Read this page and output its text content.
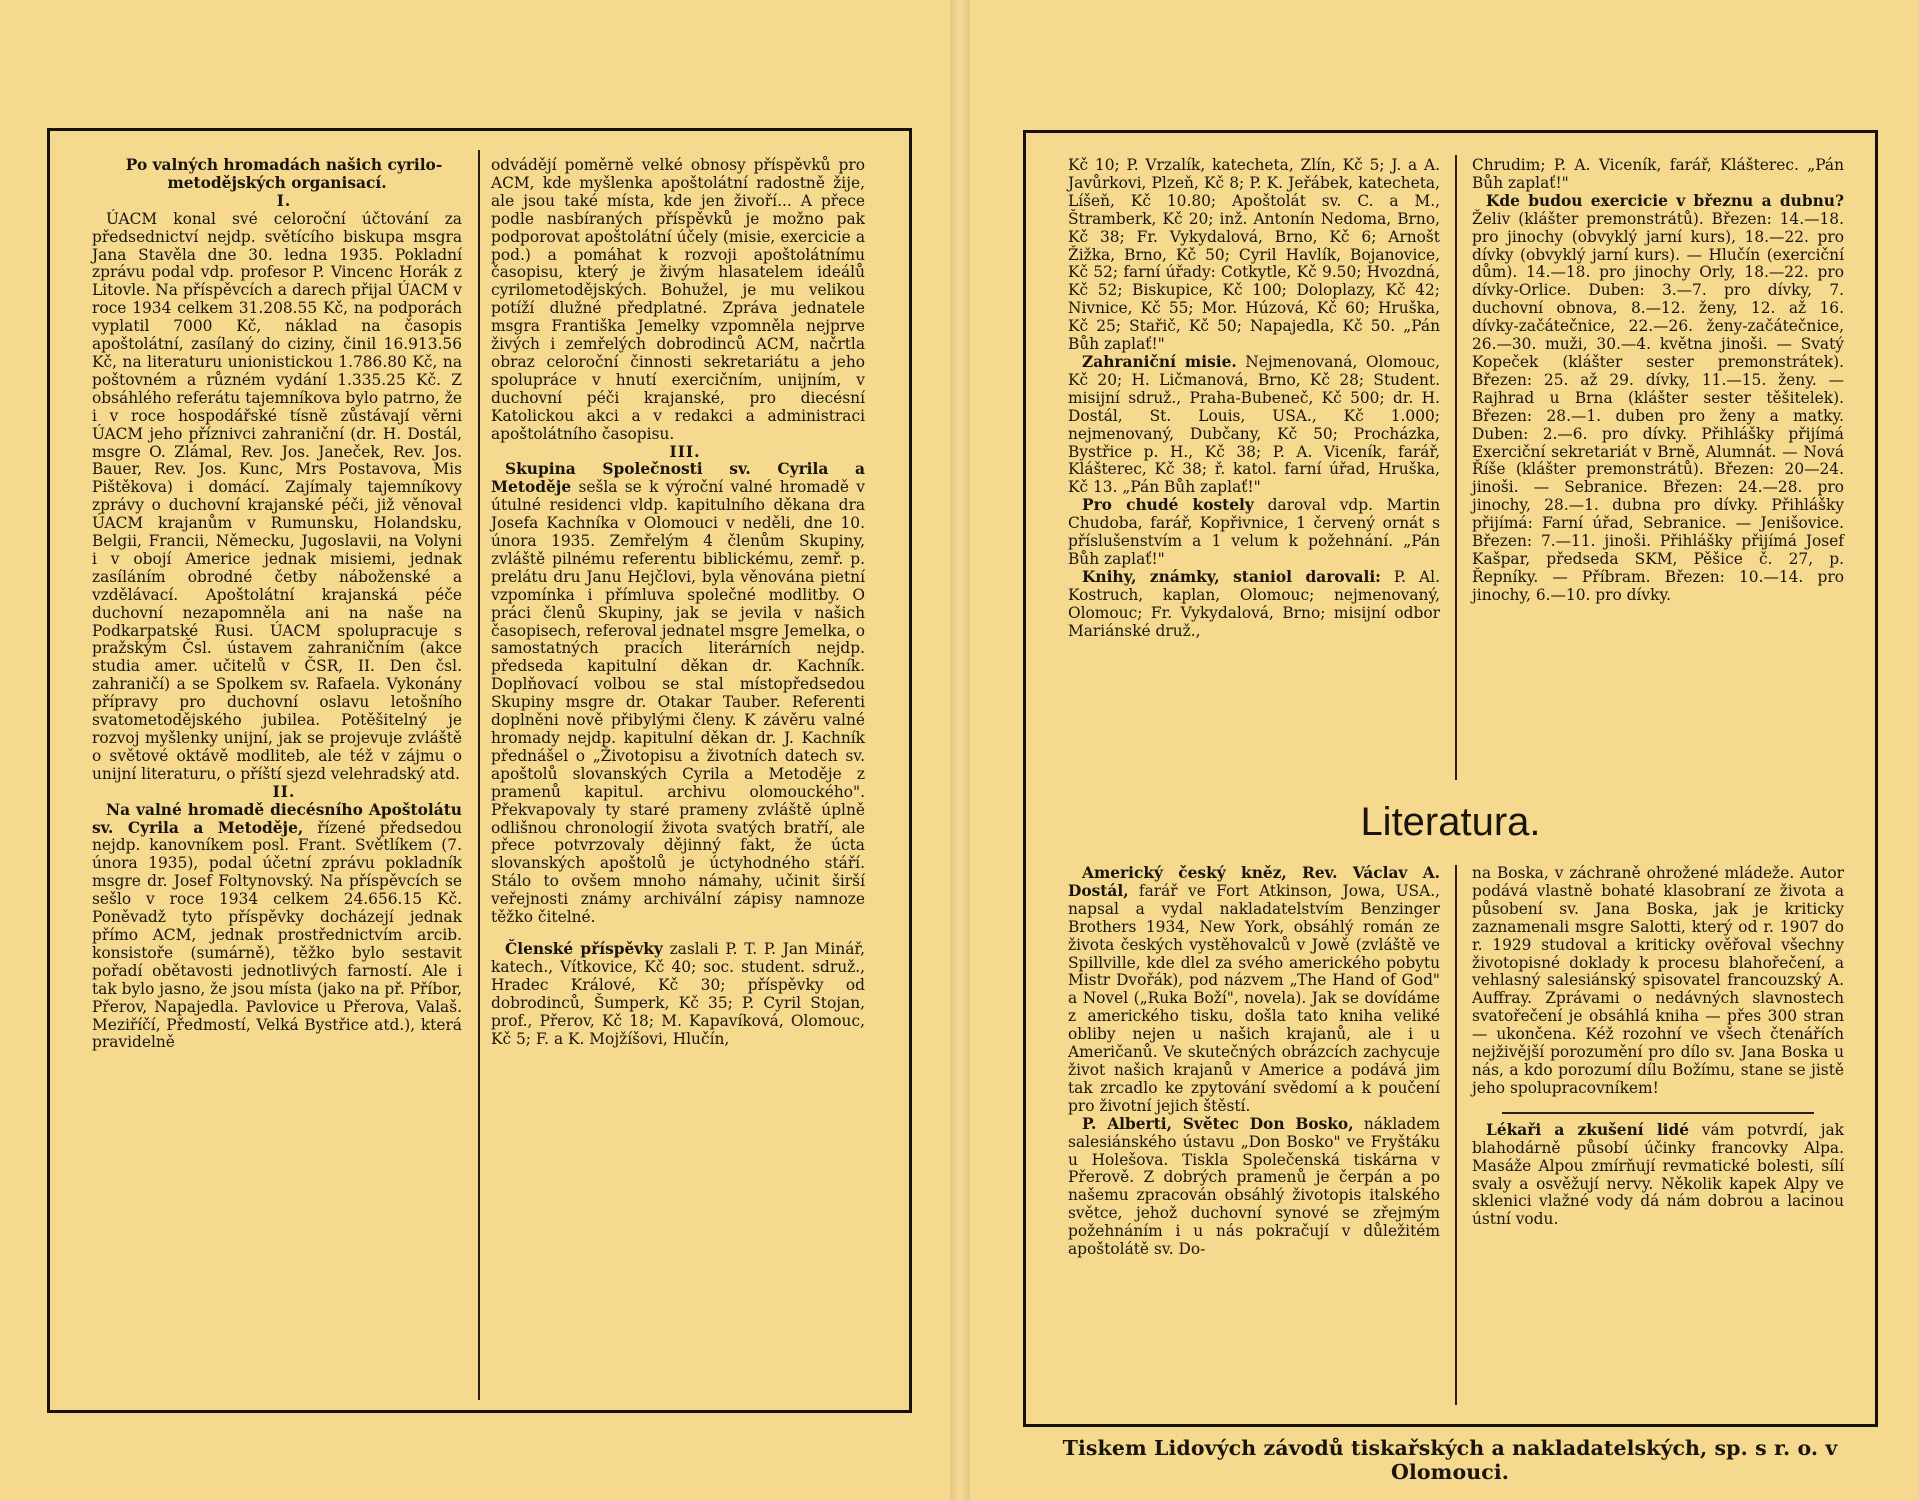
Po valných hromadách našich cyrilo-metodějských organisací.

I.

ÚACM konal své celoroční účtování za předsednictví nejdp. světícího biskupa msgra Jana Stavěla dne 30. ledna 1935. Pokladní zprávu podal vdp. profesor P. Vincenc Horák z Litovle. Na příspěvcích a darech přijal ÚACM v roce 1934 celkem 31.208.55 Kč, na podporách vyplatil 7000 Kč, náklad na časopis apoštolátní, zasílaný do ciziny, činil 16.913.56 Kč, na literaturu unionistickou 1.786.80 Kč, na poštovném a různém vydání 1.335.25 Kč. Z obsáhlého referátu tajemníkova bylo patrno, že i v roce hospodářské tísně zůstávají věrni ÚACM jeho příznivci zahraniční (dr. H. Dostál, msgre O. Zlámal, Rev. Jos. Janeček, Rev. Jos. Bauer, Rev. Jos. Kunc, Mrs Postavova, Mis Pištěkova) i domácí. Zajímaly tajemníkovy zprávy o duchovní krajanské péči, již věnoval ÚACM krajanům v Rumunsku, Holandsku, Belgii, Francii, Německu, Jugoslavii, na Volyni i v obojí Americe jednak misiemi, jednak zasíláním obrodné četby náboženské a vzdělávací. Apoštolátní krajanská péče duchovní nezapomněla ani na naše na Podkarpatské Rusi. ÚACM spolupracuje s pražským Čsl. ústavem zahraničním (akce studia amer. učitelů v ČSR, II. Den čsl. zahraničí) a se Spolkem sv. Rafaela. Vykonány přípravy pro duchovní oslavu letošního svatometodějského jubilea. Potěšitelný je rozvoj myšlenky unijní, jak se projevuje zvláště o světové oktávě modliteb, ale též v zájmu o unijní literaturu, o příští sjezd velehradský atd.

II.

Na valné hromadě diecésního Apoštolátu sv. Cyrila a Metoděje, řízené předsedou nejdp. kanovníkem posl. Frant. Světlíkem (7. února 1935), podal účetní zprávu pokladník msgre dr. Josef Foltynovský. Na příspěvcích se sešlo v roce 1934 celkem 24.656.15 Kč. Poněvadž tyto příspěvky docházejí jednak přímo ACM, jednak prostřednictvím arcib. konsistoře (sumárně), těžko bylo sestavit pořadí obětavosti jednotlivých farností. Ale i tak bylo jasno, že jsou místa (jako na př. Příbor, Přerov, Napajedla. Pavlovice u Přerova, Valaš. Meziříčí, Předmostí, Velká Bystřice atd.), která pravidelně

odvádějí poměrně velké obnosy příspěvků pro ACM, kde myšlenka apoštolátní radostně žije, ale jsou také místa, kde jen živoří... A přece podle nasbíraných příspěvků je možno pak podporovat apoštolátní účely (misie, exercicie a pod.) a pomáhat k rozvoji apoštolátnímu časopisu, který je živým hlasatelem ideálů cyrilometodějských. Bohužel, je mu velikou potíží dlužné předplatné. Zpráva jednatele msgra Františka Jemelky vzpomněla nejprve živých i zemřelých dobrodinců ACM, načrtla obraz celoroční činnosti sekretariátu a jeho spolupráce v hnutí exercičním, unijním, v duchovní péči krajanské, pro diecésní Katolickou akci a v redakci a administraci apoštolátního časopisu.

III.

Skupina Společnosti sv. Cyrila a Metoděje sešla se k výroční valné hromadě v útulné residenci vldp. kapitulního děkana dra Josefa Kachníka v Olomouci v neděli, dne 10. února 1935. Zemřelým 4 členům Skupiny, zvláště pilnému referentu biblickému, zemř. p. prelátu dru Janu Hejčlovi, byla věnována pietní vzpomínka i přímluva společné modlitby. O práci členů Skupiny, jak se jevila v našich časopisech, referoval jednatel msgre Jemelka, o samostatných pracích literárních nejdp. předseda kapitulní děkan dr. Kachník. Doplňovací volbou se stal místopředsedou Skupiny msgre dr. Otakar Tauber. Referenti doplněni nově přibylými členy. K závěru valné hromady nejdp. kapitulní děkan dr. J. Kachník přednášel o „Životopisu a životních datech sv. apoštolů slovanských Cyrila a Metoděje z pramenů kapitul. archivu olomouckého". Překvapovaly ty staré prameny zvláště úplně odlišnou chronologií života svatých bratří, ale přece potvrzovaly dějinný fakt, že úcta slovanských apoštolů je úctyhodného stáří. Stálo to ovšem mnoho námahy, učinit širší veřejnosti známy archivální zápisy namnoze těžko čitelné.

Členské příspěvky zaslali P. T. P. Jan Minář, katech., Vítkovice, Kč 40; soc. student. sdruž., Hradec Králové, Kč 30; příspěvky od dobrodinců, Šumperk, Kč 35; P. Cyril Stojan, prof., Přerov, Kč 18; M. Kapavíková, Olomouc, Kč 5; F. a K. Mojžíšovi, Hlučín,

Kč 10; P. Vrzalík, katecheta, Zlín, Kč 5; J. a A. Javůrkovi, Plzeň, Kč 8; P. K. Jeřábek, katecheta, Líšeň, Kč 10.80; Apoštolát sv. C. a M., Štramberk, Kč 20; inž. Antonín Nedoma, Brno, Kč 38; Fr. Vykydalová, Brno, Kč 6; Arnošt Žižka, Brno, Kč 50; Cyril Havlík, Bojanovice, Kč 52; farní úřady: Cotkytle, Kč 9.50; Hvozdná, Kč 52; Biskupice, Kč 100; Doloplazy, Kč 42; Nivnice, Kč 55; Mor. Húzová, Kč 60; Hruška, Kč 25; Stařič, Kč 50; Napajedla, Kč 50. „Pán Bůh zaplať!"

Zahraniční misie. Nejmenovaná, Olomouc, Kč 20; H. Ličmanová, Brno, Kč 28; Student. misijní sdruž., Praha-Bubeneč, Kč 500; dr. H. Dostál, St. Louis, USA., Kč 1.000; nejmenovaný, Dubčany, Kč 50; Procházka, Bystřice p. H., Kč 38; P. A. Viceník, farář, Klášterec, Kč 38; ř. katol. farní úřad, Hruška, Kč 13. „Pán Bůh zaplať!"

Pro chudé kostely daroval vdp. Martin Chudoba, farář, Kopřivnice, 1 červený ornát s příslušenstvím a 1 velum k požehnání. „Pán Bůh zaplať!"

Knihy, známky, staniol darovali: P. Al. Kostruch, kaplan, Olomouc; nejmenovaný, Olomouc; Fr. Vykydalová, Brno; misijní odbor Mariánské druž.,

Chrudim; P. A. Viceník, farář, Klášterec. „Pán Bůh zaplať!"

Kde budou exercicie v březnu a dubnu? Želiv (klášter premonstrátů). Březen: 14.—18. pro jinochy (obvyklý jarní kurs), 18.—22. pro dívky (obvyklý jarní kurs). — Hlučín (exerciční dům). 14.—18. pro jinochy Orly, 18.—22. pro dívky-Orlice. Duben: 3.—7. pro dívky, 7. duchovní obnova, 8.—12. ženy, 12. až 16. dívky-začátečnice, 22.—26. ženy-začátečnice, 26.—30. muži, 30.—4. května jinoši. — Svatý Kopeček (klášter sester premonstrátek). Březen: 25. až 29. dívky, 11.—15. ženy. — Rajhrad u Brna (klášter sester těšitelek). Březen: 28.—1. duben pro ženy a matky. Duben: 2.—6. pro dívky. Přihlášky přijímá Exerciční sekretariát v Brně, Alumnát. — Nová Říše (klášter premonstrátů). Březen: 20—24. jinoši. — Sebranice. Březen: 24.—28. pro jinochy, 28.—1. dubna pro dívky. Přihlášky přijímá: Farní úřad, Sebranice. — Jenišovice. Březen: 7.—11. jinoši. Přihlášky přijímá Josef Kašpar, předseda SKM, Pěšice č. 27, p. Řepníky. — Příbram. Březen: 10.—14. pro jinochy, 6.—10. pro dívky.

Literatura.

Americký český kněz, Rev. Václav A. Dostál, farář ve Fort Atkinson, Jowa, USA., napsal a vydal nakladatelstvím Benzinger Brothers 1934, New York, obsáhlý román ze života českých vystěhovalců v Jowě (zvláště ve Spillville, kde dlel za svého amerického pobytu Mistr Dvořák), pod názvem „The Hand of God" a Novel („Ruka Boží", novela). Jak se dovídáme z amerického tisku, došla tato kniha veliké obliby nejen u našich krajanů, ale i u Američanů. Ve skutečných obrázcích zachycuje život našich krajanů v Americe a podává jim tak zrcadlo ke zpytování svědomí a k poučení pro životní jejich štěstí.

P. Alberti, Světec Don Bosko, nákladem salesiánského ústavu „Don Bosko" ve Fryštáku u Holešova. Tiskla Společenská tiskárna v Přerově. Z dobrých pramenů je čerpán a po našemu zpracován obsáhlý životopis italského světce, jehož duchovní synové se zřejmým požehnáním i u nás pokračují v důležitém apoštolátě sv. Do-

na Boska, v záchraně ohrožené mládeže. Autor podává vlastně bohaté klasobraní ze života a působení sv. Jana Boska, jak je kriticky zaznamenali msgre Salotti, který od r. 1907 do r. 1929 studoval a kriticky ověřoval všechny životopisné doklady k procesu blahořečení, a vehlasný salesiánský spisovatel francouzský A. Auffray. Zprávami o nedávných slavnostech svatořečení je obsáhlá kniha — přes 300 stran — ukončena. Kéž rozohní ve všech čtenářích nejživější porozumění pro dílo sv. Jana Boska u nás, a kdo porozumí dílu Božímu, stane se jistě jeho spolupracovníkem!

Lékaři a zkušení lidé vám potvrdí, jak blahodárně působí účinky francovky Alpa. Masáže Alpou zmírňují revmatické bolesti, sílí svaly a osvěžují nervy. Několik kapek Alpy ve sklenici vlažné vody dá nám dobrou a lacinou ústní vodu.

Tiskem Lidových závodů tiskařských a nakladatelských, sp. s r. o. v Olomouci.
